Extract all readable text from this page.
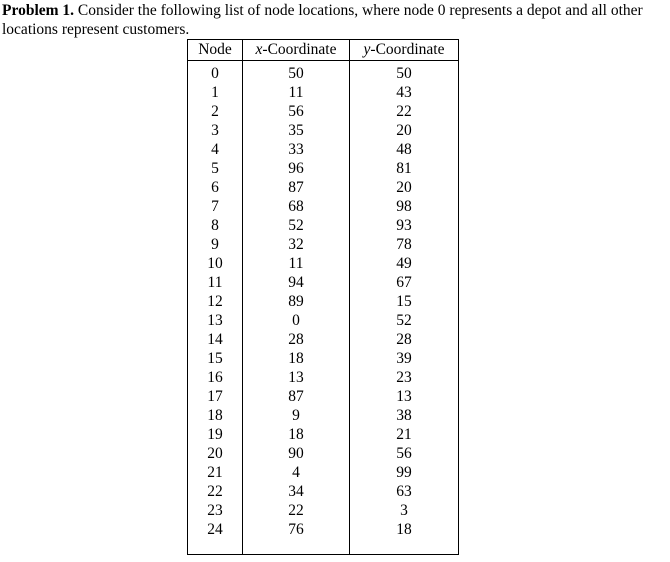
Problem 1. Consider the following list of node locations, where node 0 represents a depot and all other locations represent customers.
Node	x-Coordinate	y-Coordinate
0	50	50
1	11	43
2	56	22
3	35	20
4	33	48
5	96	81
6	87	20
7	68	98
8	52	93
9	32	78
10	11	49
11	94	67
12	89	15
13	0	52
14	28	28
15	18	39
16	13	23
17	87	13
18	9	38
19	18	21
20	90	56
21	4	99
22	34	63
23	22	3
24	76	18
